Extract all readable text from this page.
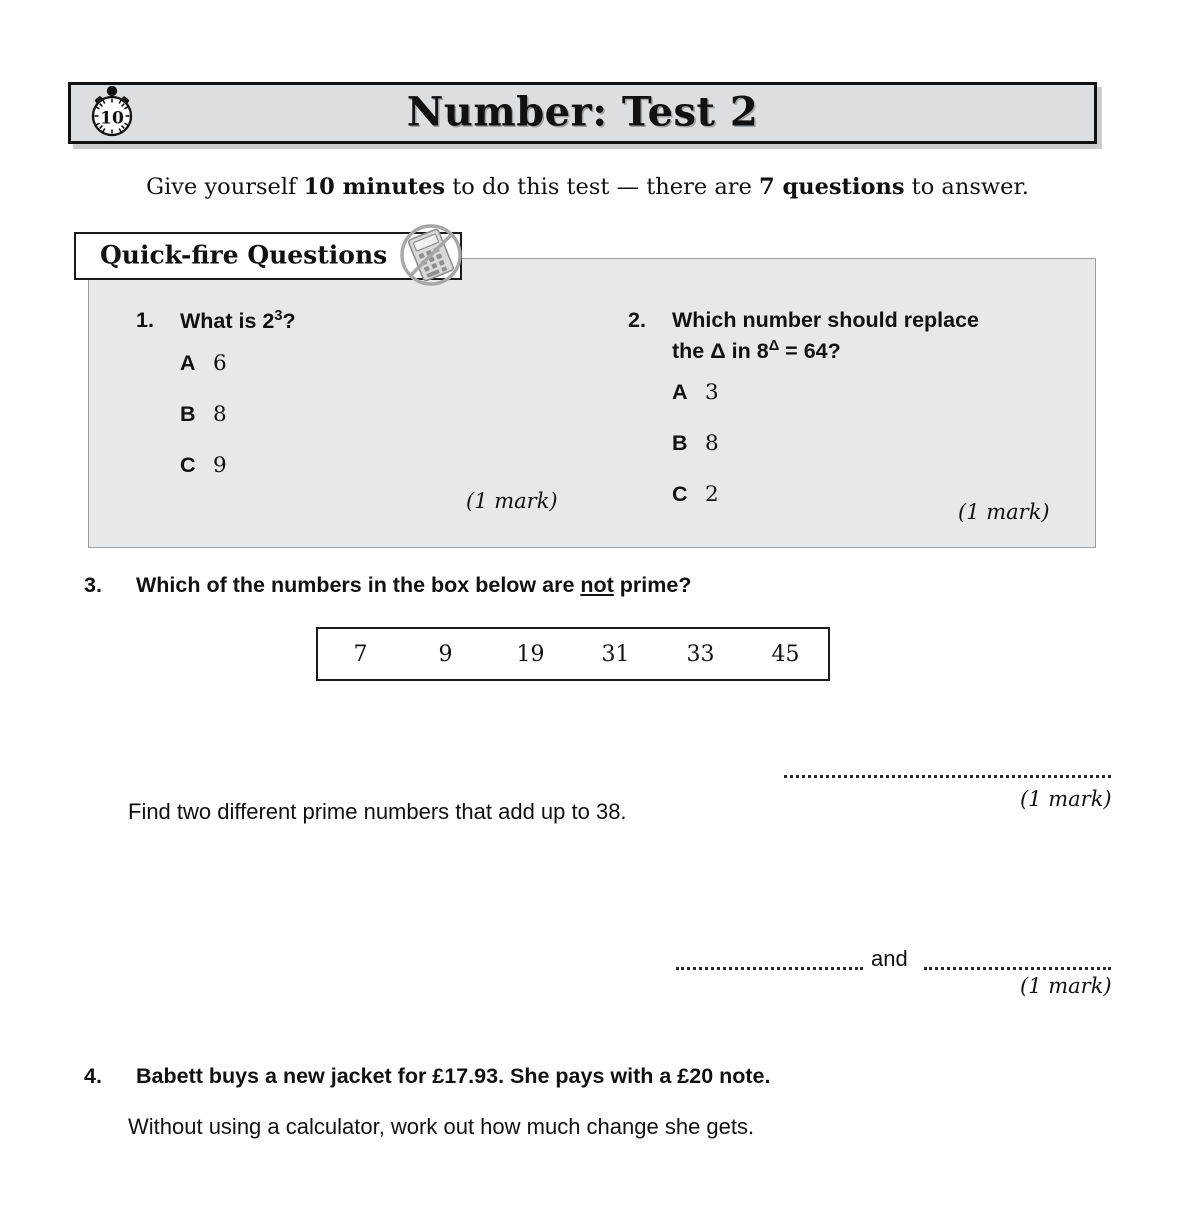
10	Number: Test 2
Give yourself 10 minutes to do this test — there are 7 questions to answer.
Quick-fire Questions
1.	What is $2^3$?
A 6
B 8
C 9
(1 mark)
2.	Which number should replace
the Δ in $8^\Delta = 64$?
A 3
B 8
C 2
(1 mark)
3.	Which of the numbers in the box below are not prime?
7	9	19	31	33	45
(1 mark)
Find two different prime numbers that add up to 38.
and
(1 mark)
4.	Babett buys a new jacket for £17.93. She pays with a £20 note.
Without using a calculator, work out how much change she gets.
